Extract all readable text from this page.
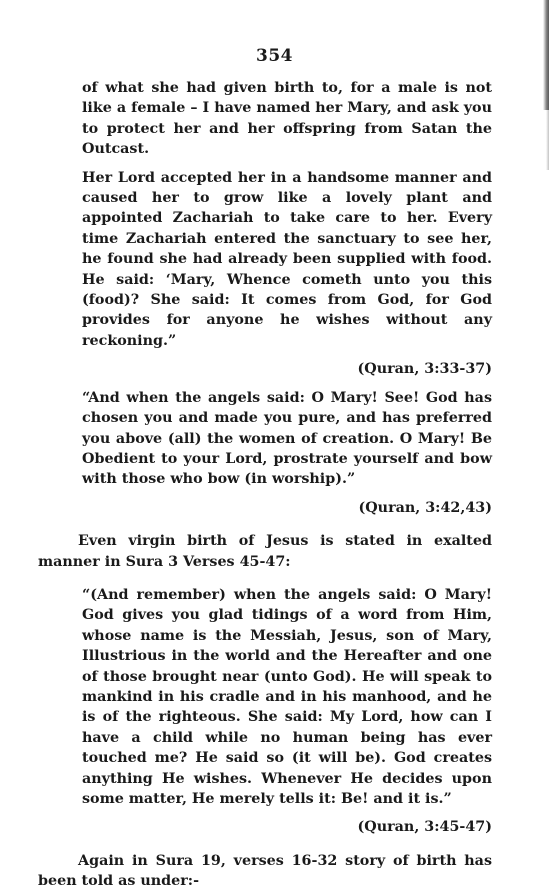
354
of what she had given birth to, for a male is not like a female – I have named her Mary, and ask you to protect her and her offspring from Satan the Outcast.
Her Lord accepted her in a handsome manner and caused her to grow like a lovely plant and appointed Zachariah to take care to her. Every time Zachariah entered the sanctuary to see her, he found she had already been supplied with food. He said: ‘Mary, Whence cometh unto you this (food)? She said: It comes from God, for God provides for anyone he wishes without any reckoning.”
(Quran, 3:33-37)
“And when the angels said: O Mary! See! God has chosen you and made you pure, and has preferred you above (all) the women of creation. O Mary! Be Obedient to your Lord, prostrate yourself and bow with those who bow (in worship).”
(Quran, 3:42,43)
Even virgin birth of Jesus is stated in exalted manner in Sura 3 Verses 45-47:
“(And remember) when the angels said: O Mary! God gives you glad tidings of a word from Him, whose name is the Messiah, Jesus, son of Mary, Illustrious in the world and the Hereafter and one of those brought near (unto God). He will speak to mankind in his cradle and in his manhood, and he is of the righteous. She said: My Lord, how can I have a child while no human being has ever touched me? He said so (it will be). God creates anything He wishes. Whenever He decides upon some matter, He merely tells it: Be! and it is.”
(Quran, 3:45-47)
Again in Sura 19, verses 16-32 story of birth has been told as under:-
